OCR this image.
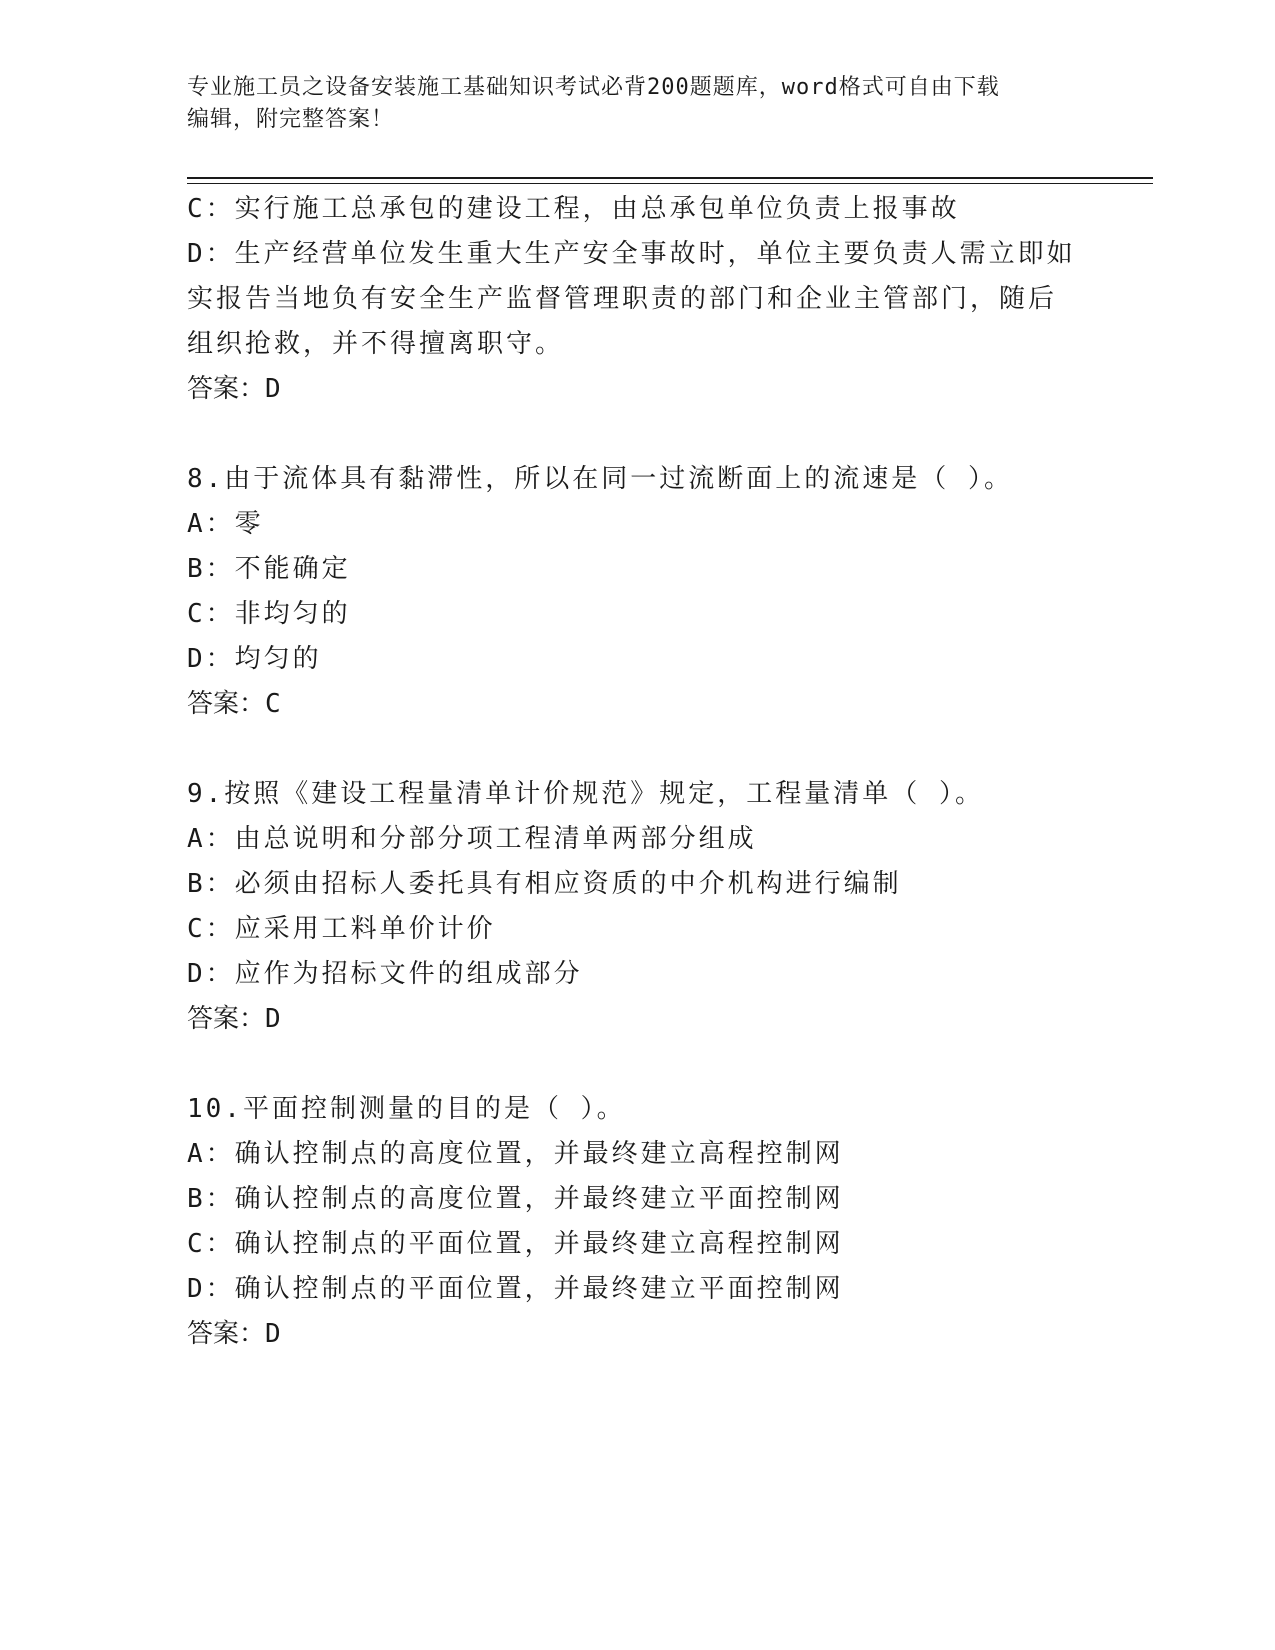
专业施工员之设备安装施工基础知识考试必背200题题库，word格式可自由下载
编辑，附完整答案！
C：实行施工总承包的建设工程，由总承包单位负责上报事故
D：生产经营单位发生重大生产安全事故时，单位主要负责人需立即如
实报告当地负有安全生产监督管理职责的部门和企业主管部门，随后
组织抢救，并不得擅离职守。
答案：D
8.由于流体具有黏滞性，所以在同一过流断面上的流速是（ ）。
A：零
B：不能确定
C：非均匀的
D：均匀的
答案：C
9.按照《建设工程量清单计价规范》规定，工程量清单（ ）。
A：由总说明和分部分项工程清单两部分组成
B：必须由招标人委托具有相应资质的中介机构进行编制
C：应采用工料单价计价
D：应作为招标文件的组成部分
答案：D
10.平面控制测量的目的是（ ）。
A：确认控制点的高度位置，并最终建立高程控制网
B：确认控制点的高度位置，并最终建立平面控制网
C：确认控制点的平面位置，并最终建立高程控制网
D：确认控制点的平面位置，并最终建立平面控制网
答案：D
